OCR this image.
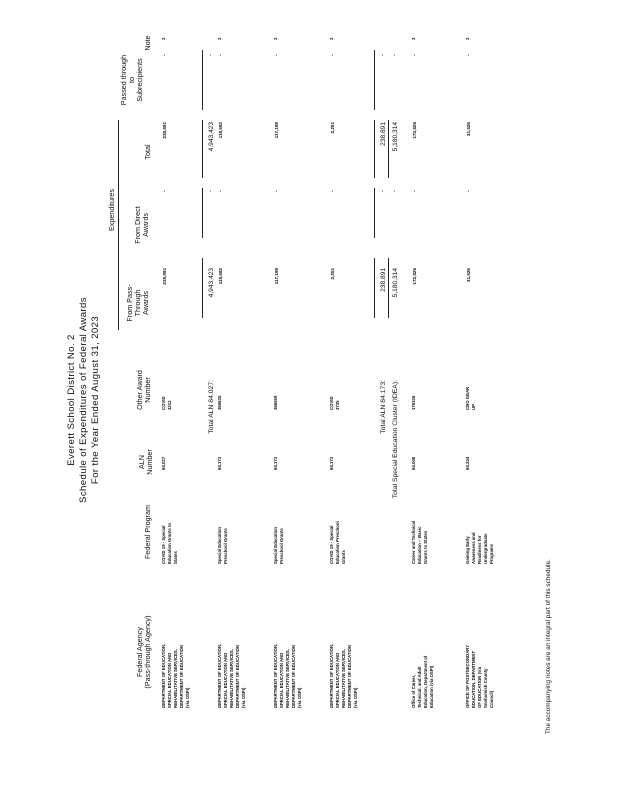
Everett School District No. 2 Schedule of Expenditures of Federal Awards For the Year Ended August 31, 2023
Expenditures
Federal Agency (Pass-through Agency)
Federal Program
ALN Number
Other Award Number
From Pass- Through Awards
From Direct Awards
Total
Passed through to Subrecipients
Note
DEPARTMENT OF EDUCATION, SPECIAL EDUCATION AND REHABILITATIVE SERVICES, DEPARTMENT OF EDUCATION (via OSPI)
COVID 19 - Special Education Grants to States
84.027
COVID 3212
238,891
-
238,891
-
3
DEPARTMENT OF EDUCATION, SPECIAL EDUCATION AND REHABILITATIVE SERVICES, DEPARTMENT OF EDUCATION (via OSPI)
Special Education Preschool Grants
84.173
365635
118,682
-
118,682
-
3
DEPARTMENT OF EDUCATION, SPECIAL EDUCATION AND REHABILITATIVE SERVICES, DEPARTMENT OF EDUCATION (via OSPI)
Special Education Preschool Grants
84.173
366559
117,198
-
117,198
-
3
DEPARTMENT OF EDUCATION, SPECIAL EDUCATION AND REHABILITATIVE SERVICES, DEPARTMENT OF EDUCATION (via OSPI)
COVID 19 - Special Education Preschool Grants
84.173
COVID 3735
2,251
-
2,251
-
3
Office of Career, Technical, and Adult Education, Department of Education (via OSPI)
Career and Technical Education -- Basic Grants to States
84.048
176326
172,826
-
172,826
-
3
OFFICE OF POSTSECONDARY EDUCATION, DEPARTMENT OF EDUCATION (via Snohomish County Council)
Gaining Early Awareness and Readiness for Undergraduate Programs
84.334
CBO GEAR UP
31,526
-
31,526
-
3
Total ALN 84.027:
4,943,423
-
4,943,423
-
Total ALN 84.173:
238,891
-
238,891
-
Total Special Education Cluster (IDEA):
5,180,314
-
5,180,314
-
The accompanying notes are an integral part of this schedule.
